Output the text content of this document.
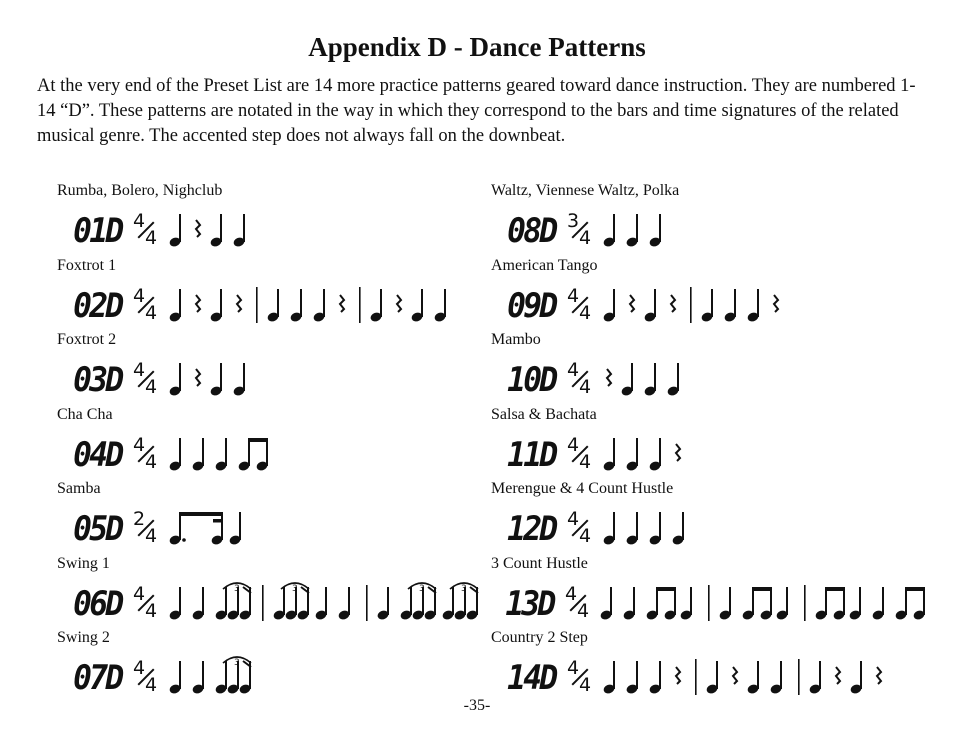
Appendix D - Dance Patterns

At the very end of the Preset List are 14 more practice patterns geared toward dance instruction. They are numbered 1-14 “D”. These patterns are notated in the way in which they correspond to the bars and time signatures of the related musical genre. The accented step does not always fall on the downbeat.

Rumba, Bolero, Nighclub
01D 4
4
Foxtrot 1
02D 4
4
Foxtrot 2
03D 4
4
Cha Cha
04D 4
4
Samba
05D 2
4
Swing 1
06D 4
4
3	3	3	3
Swing 2
07D 4
4
3
Waltz, Viennese Waltz, Polka
08D 3
4
American Tango
09D 4
4
Mambo
10D 4
4
Salsa & Bachata
11D 4
4
Merengue & 4 Count Hustle
12D 4
4
3 Count Hustle
13D 4
4
Country 2 Step
14D 4
4
-35-
